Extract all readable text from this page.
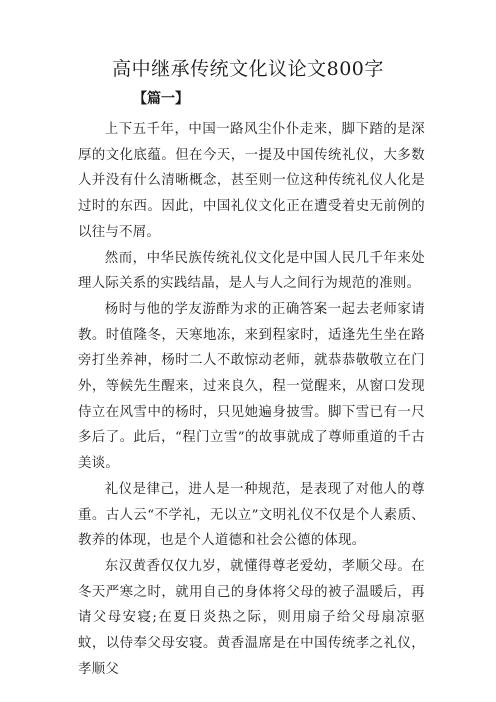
高中继承传统文化议论文800字
【篇一】

上下五千年，中国一路风尘仆仆走来，脚下踏的是深厚的文化底蕴。但在今天，一提及中国传统礼仪，大多数人并没有什么清晰概念，甚至则一位这种传统礼仪人化是过时的东西。因此，中国礼仪文化正在遭受着史无前例的以往与不屑。

然而，中华民族传统礼仪文化是中国人民几千年来处理人际关系的实践结晶，是人与人之间行为规范的准则。

杨时与他的学友游酢为求的正确答案一起去老师家请教。时值隆冬，天寒地冻，来到程家时，适逢先生坐在路旁打坐养神，杨时二人不敢惊动老师，就恭恭敬敬立在门外，等候先生醒来，过来良久，程一觉醒来，从窗口发现侍立在风雪中的杨时，只见她遍身披雪。脚下雪已有一尺多后了。此后，“程门立雪”的故事就成了尊师重道的千古美谈。

礼仪是律己，进人是一种规范，是表现了对他人的尊重。古人云“不学礼，无以立”文明礼仪不仅是个人素质、教养的体现，也是个人道德和社会公德的体现。

东汉黄香仅仅九岁，就懂得尊老爱幼，孝顺父母。在冬天严寒之时，就用自己的身体将父母的被子温暖后，再请父母安寝;在夏日炎热之际，则用扇子给父母扇凉驱蚊，以侍奉父母安寝。黄香温席是在中国传统孝之礼仪，孝顺父
